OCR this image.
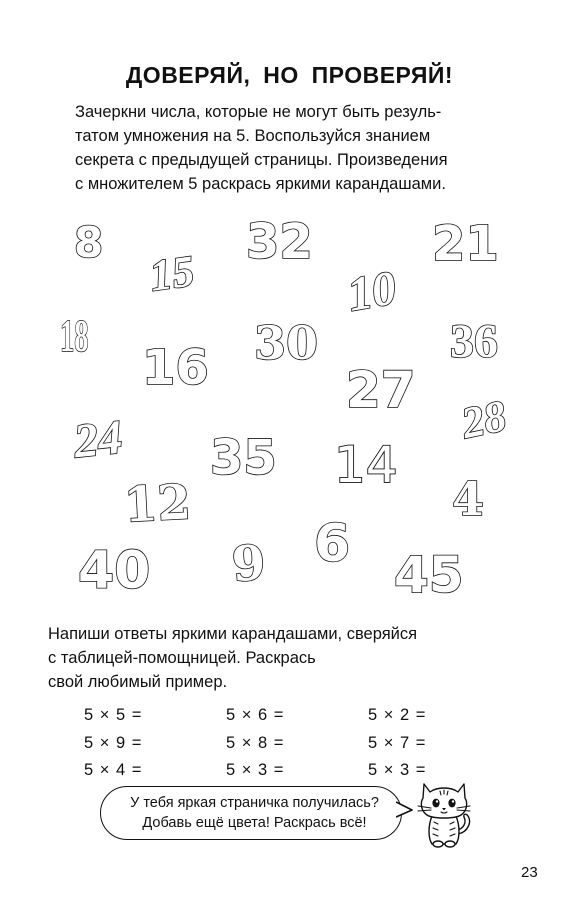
ДОВЕРЯЙ, НО ПРОВЕРЯЙ!
Зачеркни числа, которые не могут быть резуль-
татом умножения на 5. Воспользуйся знанием
секрета с предыдущей страницы. Произведения
с множителем 5 раскрась яркими карандашами.
8	32 21
15	10
18	30	36
16	27
28
24 35 14
4
12
6
9
40	45
Напиши ответы яркими карандашами, сверяйся
с таблицей-помощницей. Раскрась
свой любимый пример.
5 × 5 =	5 × 6 =	5 × 2 =
5 × 9 =	5 × 8 =	5 × 7 =
5 × 4 =	5 × 3 =	5 × 3 =
У тебя яркая страничка получилась?
Добавь ещё цвета! Раскрась всё!
23
